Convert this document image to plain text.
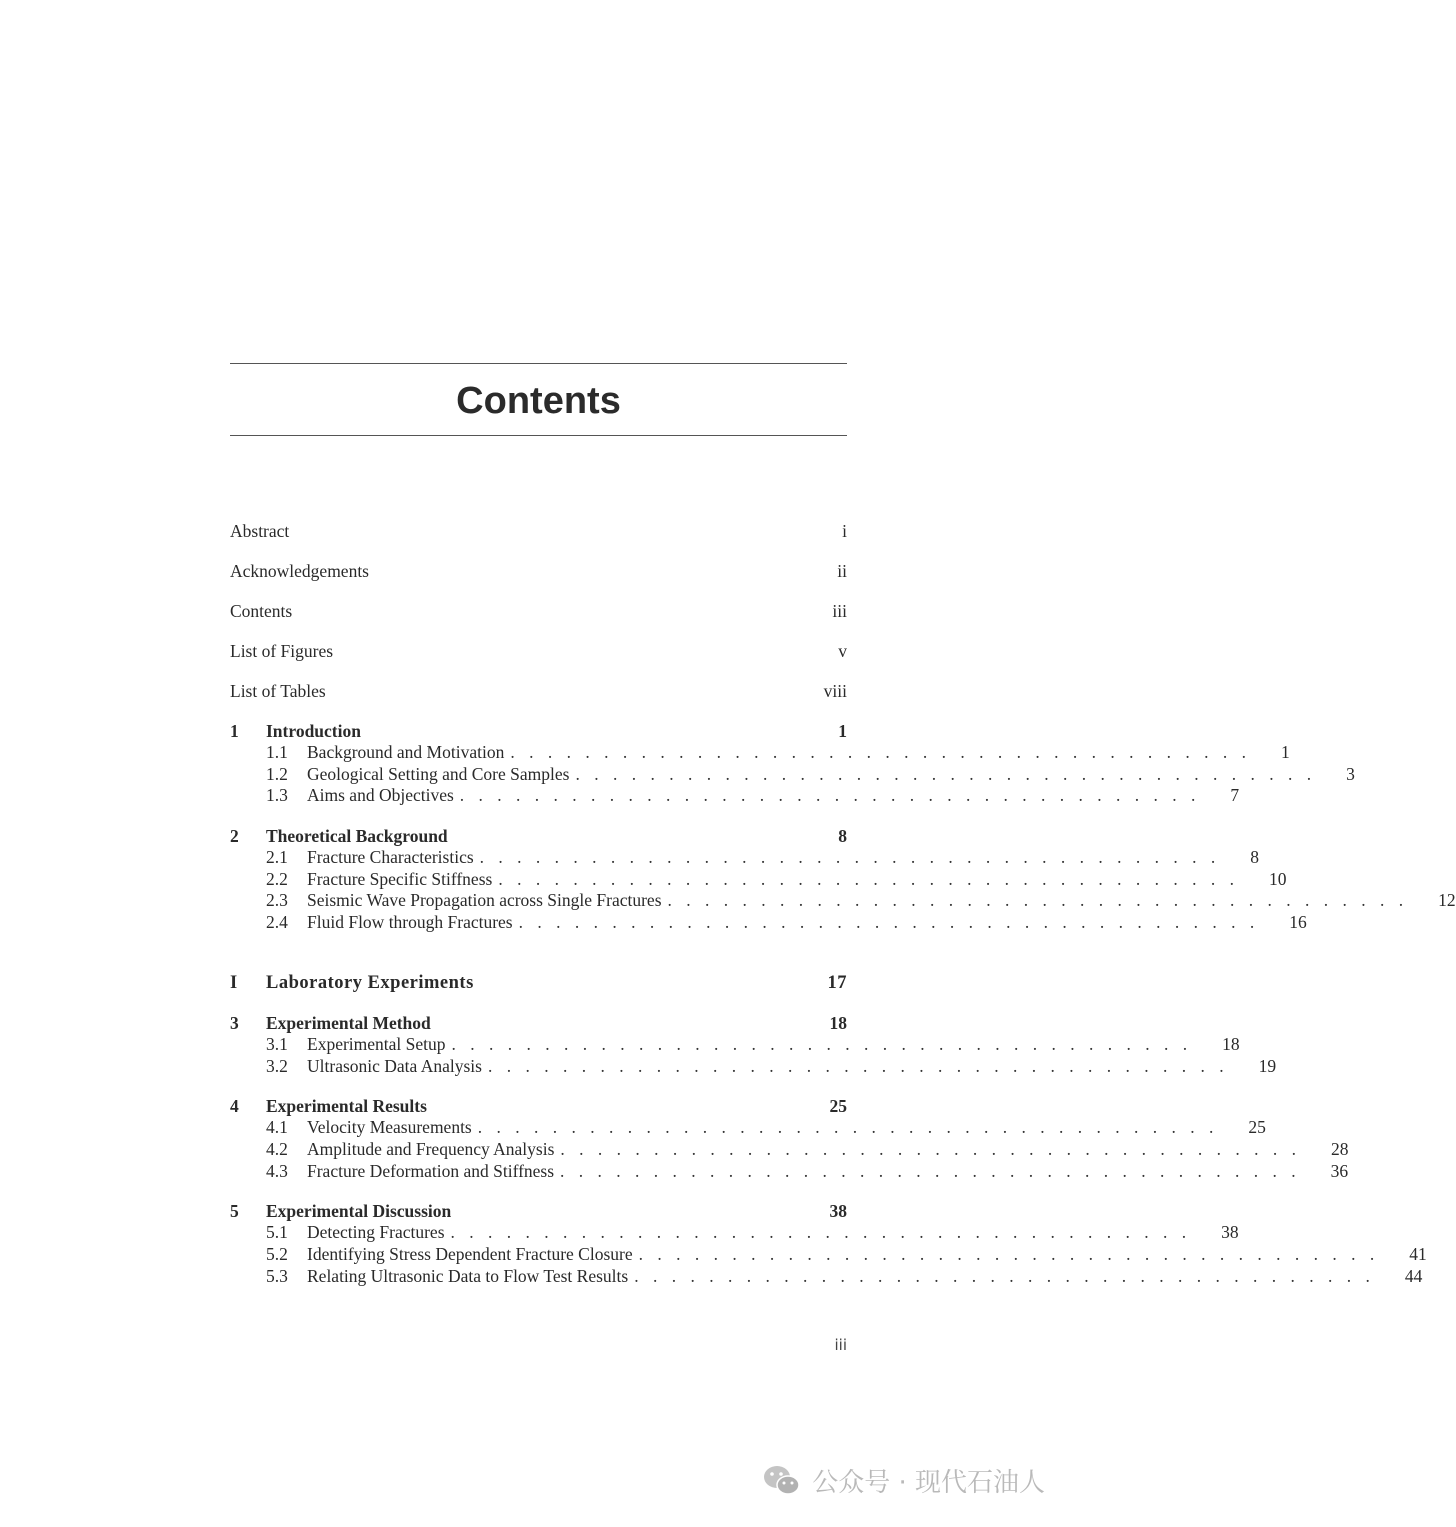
Contents
Abstract	i
Acknowledgements	ii
Contents	iii
List of Figures	v
List of Tables	viii
1	Introduction	1
1.1	Background and Motivation . . . . . . . . . . . . . . . . . . . . . . . . . . . . . . . . . . . . . . . .	1
1.2	Geological Setting and Core Samples . . . . . . . . . . . . . . . . . . . . . . . . . . . . . . . . . . . . . . . .	3
1.3	Aims and Objectives . . . . . . . . . . . . . . . . . . . . . . . . . . . . . . . . . . . . . . . .	7
2	Theoretical Background	8
2.1	Fracture Characteristics . . . . . . . . . . . . . . . . . . . . . . . . . . . . . . . . . . . . . . . .	8
2.2	Fracture Specific Stiffness . . . . . . . . . . . . . . . . . . . . . . . . . . . . . . . . . . . . . . . .	10
2.3	Seismic Wave Propagation across Single Fractures . . . . . . . . . . . . . . . . . . . . . . . . . . . . . . . . . . . . . . . .	12
2.4	Fluid Flow through Fractures . . . . . . . . . . . . . . . . . . . . . . . . . . . . . . . . . . . . . . . .	16
I	Laboratory Experiments	17
3	Experimental Method	18
3.1	Experimental Setup . . . . . . . . . . . . . . . . . . . . . . . . . . . . . . . . . . . . . . . .	18
3.2	Ultrasonic Data Analysis . . . . . . . . . . . . . . . . . . . . . . . . . . . . . . . . . . . . . . . .	19
4	Experimental Results	25
4.1	Velocity Measurements . . . . . . . . . . . . . . . . . . . . . . . . . . . . . . . . . . . . . . . .	25
4.2	Amplitude and Frequency Analysis . . . . . . . . . . . . . . . . . . . . . . . . . . . . . . . . . . . . . . . .	28
4.3	Fracture Deformation and Stiffness . . . . . . . . . . . . . . . . . . . . . . . . . . . . . . . . . . . . . . . .	36
5	Experimental Discussion	38
5.1	Detecting Fractures . . . . . . . . . . . . . . . . . . . . . . . . . . . . . . . . . . . . . . . .	38
5.2	Identifying Stress Dependent Fracture Closure . . . . . . . . . . . . . . . . . . . . . . . . . . . . . . . . . . . . . . . .	41
5.3	Relating Ultrasonic Data to Flow Test Results . . . . . . . . . . . . . . . . . . . . . . . . . . . . . . . . . . . . . . . .	44
iii
公众号 · 现代石油人
